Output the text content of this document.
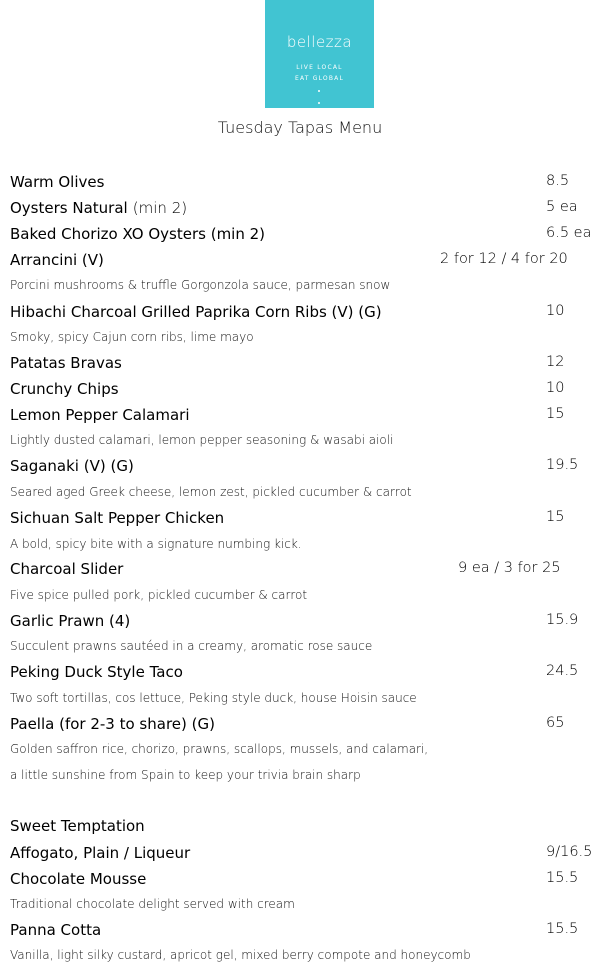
bellezza
LIVE LOCAL
EAT GLOBAL
Tuesday Tapas Menu
Warm Olives	8.5
Oysters Natural (min 2)	5 ea
Baked Chorizo XO Oysters (min 2)	6.5 ea
Arrancini (V)	2 for 12 / 4 for 20
Porcini mushrooms & truffle Gorgonzola sauce, parmesan snow
Hibachi Charcoal Grilled Paprika Corn Ribs (V) (G)	10
Smoky, spicy Cajun corn ribs, lime mayo
Patatas Bravas	12
Crunchy Chips	10
Lemon Pepper Calamari	15
Lightly dusted calamari, lemon pepper seasoning & wasabi aioli
Saganaki (V) (G)	19.5
Seared aged Greek cheese, lemon zest, pickled cucumber & carrot
Sichuan Salt Pepper Chicken	15
A bold, spicy bite with a signature numbing kick.
Charcoal Slider	9 ea / 3 for 25
Five spice pulled pork, pickled cucumber & carrot
Garlic Prawn (4)	15.9
Succulent prawns sautéed in a creamy, aromatic rose sauce
Peking Duck Style Taco	24.5
Two soft tortillas, cos lettuce, Peking style duck, house Hoisin sauce
Paella (for 2-3 to share) (G)	65
Golden saffron rice, chorizo, prawns, scallops, mussels, and calamari,
a little sunshine from Spain to keep your trivia brain sharp
Sweet Temptation
Affogato, Plain / Liqueur	9/16.5
Chocolate Mousse	15.5
Traditional chocolate delight served with cream
Panna Cotta	15.5
Vanilla, light silky custard, apricot gel, mixed berry compote and honeycomb
